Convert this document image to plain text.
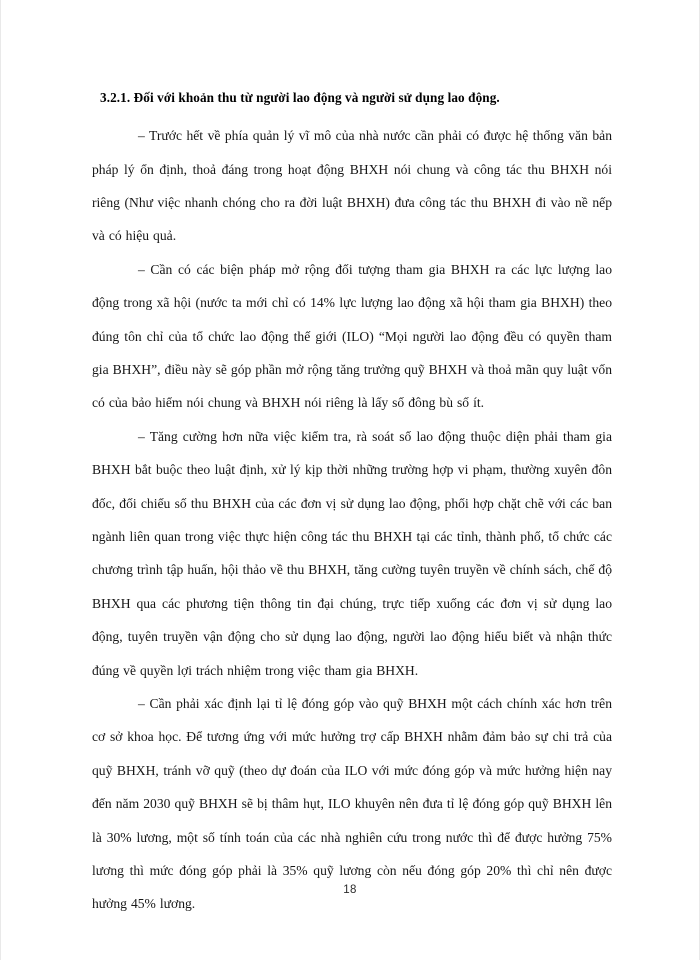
3.2.1. Đối với khoản thu từ người lao động và người sử dụng lao động.

– Trước hết về phía quản lý vĩ mô của nhà nước cần phải có được hệ thống văn bản pháp lý ổn định, thoả đáng trong hoạt động BHXH nói chung và công tác thu BHXH nói riêng (Như việc nhanh chóng cho ra đời luật BHXH) đưa công tác thu BHXH đi vào nề nếp và có hiệu quả.

– Cần có các biện pháp mở rộng đối tượng tham gia BHXH ra các lực lượng lao động trong xã hội (nước ta mới chỉ có 14% lực lượng lao động xã hội tham gia BHXH) theo đúng tôn chỉ của tổ chức lao động thế giới (ILO) “Mọi người lao động đều có quyền tham gia BHXH”, điều này sẽ góp phần mở rộng tăng trưởng quỹ BHXH và thoả mãn quy luật vốn có của bảo hiểm nói chung và BHXH nói riêng là lấy số đông bù số ít.

– Tăng cường hơn nữa việc kiểm tra, rà soát số lao động thuộc diện phải tham gia BHXH bắt buộc theo luật định, xử lý kịp thời những trường hợp vi phạm, thường xuyên đôn đốc, đối chiếu số thu BHXH của các đơn vị sử dụng lao động, phối hợp chặt chẽ với các ban ngành liên quan trong việc thực hiện công tác thu BHXH tại các tỉnh, thành phố, tổ chức các chương trình tập huấn, hội thảo về thu BHXH, tăng cường tuyên truyền về chính sách, chế độ BHXH qua các phương tiện thông tin đại chúng, trực tiếp xuống các đơn vị sử dụng lao động, tuyên truyền vận động cho sử dụng lao động, người lao động hiểu biết và nhận thức đúng về quyền lợi trách nhiệm trong việc tham gia BHXH.

– Cần phải xác định lại tỉ lệ đóng góp vào quỹ BHXH một cách chính xác hơn trên cơ sở khoa học. Để tương ứng với mức hưởng trợ cấp BHXH nhằm đảm bảo sự chi trả của quỹ BHXH, tránh vỡ quỹ (theo dự đoán của ILO với mức đóng góp và mức hưởng hiện nay đến năm 2030 quỹ BHXH sẽ bị thâm hụt, ILO khuyên nên đưa tỉ lệ đóng góp quỹ BHXH lên là 30% lương, một số tính toán của các nhà nghiên cứu trong nước thì để được hưởng 75% lương thì mức đóng góp phải là 35% quỹ lương còn nếu đóng góp 20% thì chỉ nên được hưởng 45% lương.

18
